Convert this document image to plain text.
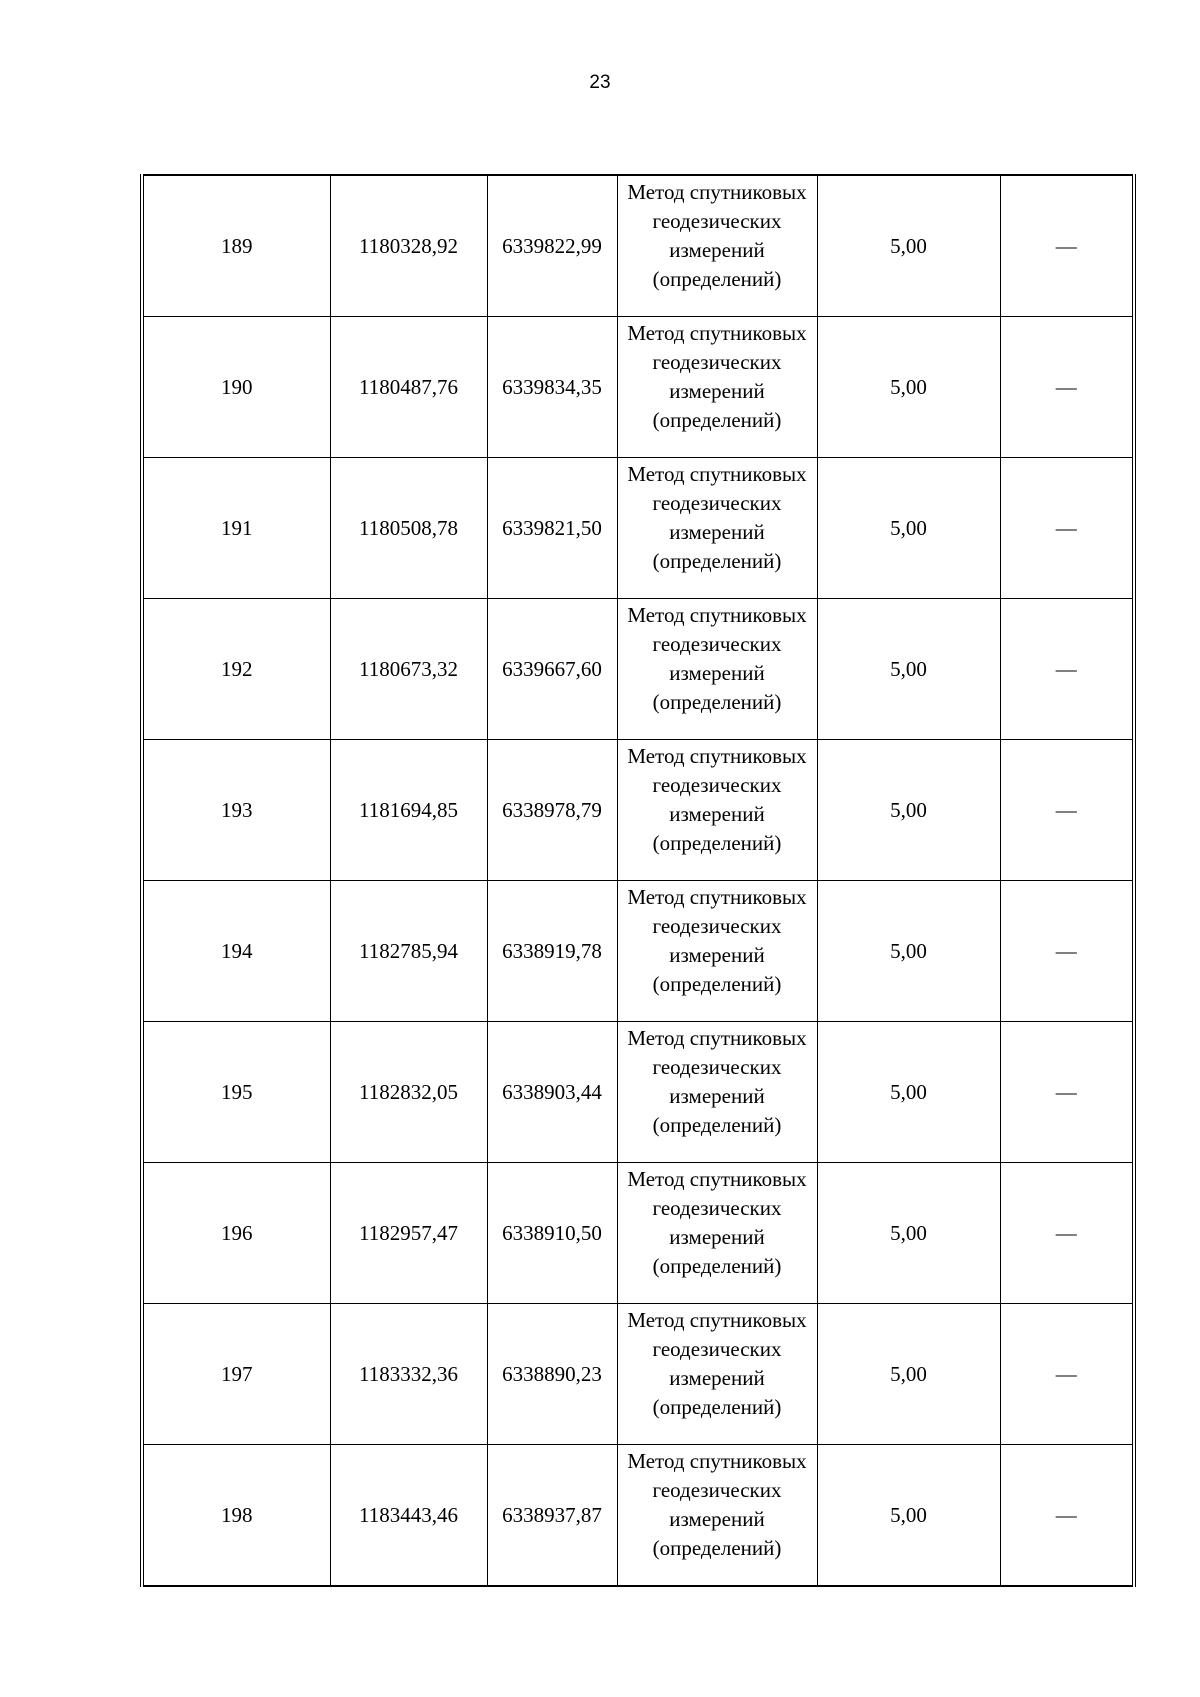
23
189	1180328,92	6339822,99	Метод спутниковых
геодезических
измерений
(определений)	5,00	—
190	1180487,76	6339834,35	Метод спутниковых
геодезических
измерений
(определений)	5,00	—
191	1180508,78	6339821,50	Метод спутниковых
геодезических
измерений
(определений)	5,00	—
192	1180673,32	6339667,60	Метод спутниковых
геодезических
измерений
(определений)	5,00	—
193	1181694,85	6338978,79	Метод спутниковых
геодезических
измерений
(определений)	5,00	—
194	1182785,94	6338919,78	Метод спутниковых
геодезических
измерений
(определений)	5,00	—
195	1182832,05	6338903,44	Метод спутниковых
геодезических
измерений
(определений)	5,00	—
196	1182957,47	6338910,50	Метод спутниковых
геодезических
измерений
(определений)	5,00	—
197	1183332,36	6338890,23	Метод спутниковых
геодезических
измерений
(определений)	5,00	—
198	1183443,46	6338937,87	Метод спутниковых
геодезических
измерений
(определений)	5,00	—
